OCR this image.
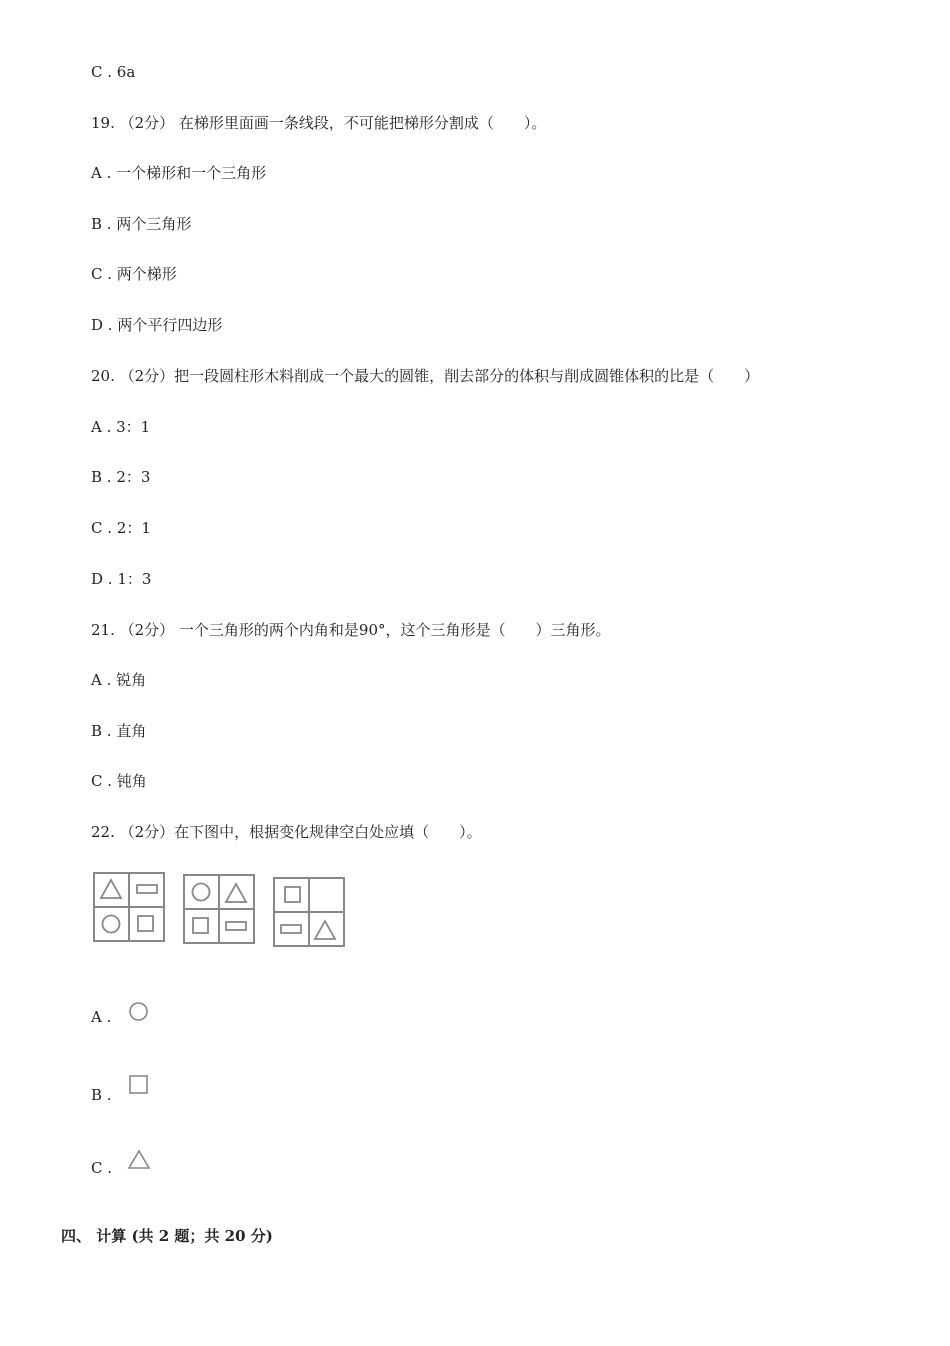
C . 6a
19. （2分） 在梯形里面画一条线段，不可能把梯形分割成（　　）。
A . 一个梯形和一个三角形
B . 两个三角形
C . 两个梯形
D . 两个平行四边形
20. （2分）把一段圆柱形木料削成一个最大的圆锥，削去部分的体积与削成圆锥体积的比是（　　）
A . 3：1
B . 2：3
C . 2：1
D . 1：3
21. （2分） 一个三角形的两个内角和是90°，这个三角形是（　　）三角形。
A . 锐角
B . 直角
C . 钝角
22. （2分）在下图中，根据变化规律空白处应填（　　）。
A .
B .
C .
四、 计算 (共 2 题；共 20 分)
